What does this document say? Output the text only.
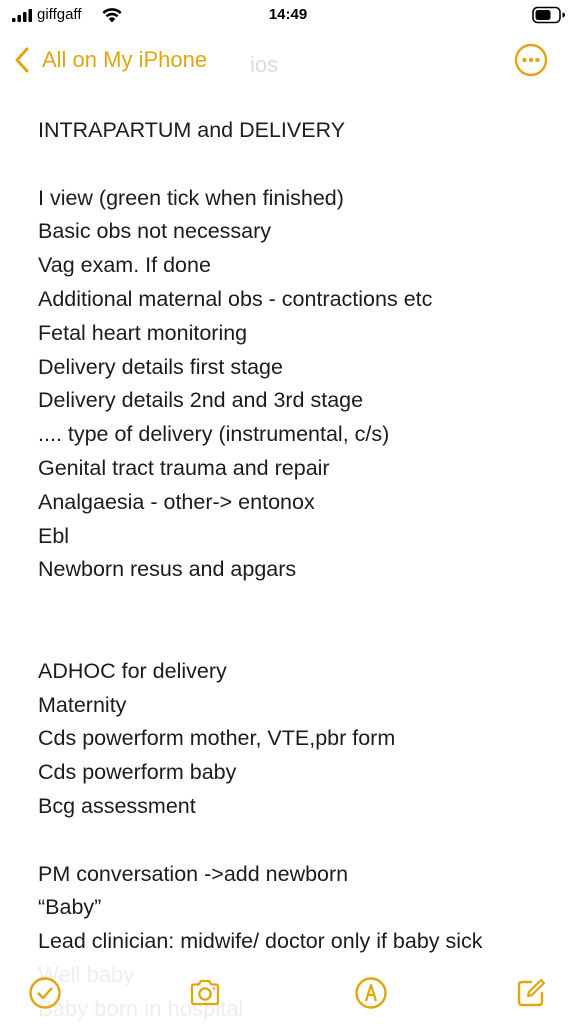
giffgaff	14:49
ios
All on My iPhone
INTRAPARTUM and DELIVERY
I view (green tick when finished)
Basic obs not necessary
Vag exam. If done
Additional maternal obs - contractions etc
Fetal heart monitoring
Delivery details first stage
Delivery details 2nd and 3rd stage
.... type of delivery (instrumental, c/s)
Genital tract trauma and repair
Analgaesia - other-> entonox
Ebl
Newborn resus and apgars
ADHOC for delivery
Maternity
Cds powerform mother, VTE,pbr form
Cds powerform baby
Bcg assessment
PM conversation ->add newborn
“Baby”
Lead clinician: midwife/ doctor only if baby sick
Well baby
Baby born in hospital
